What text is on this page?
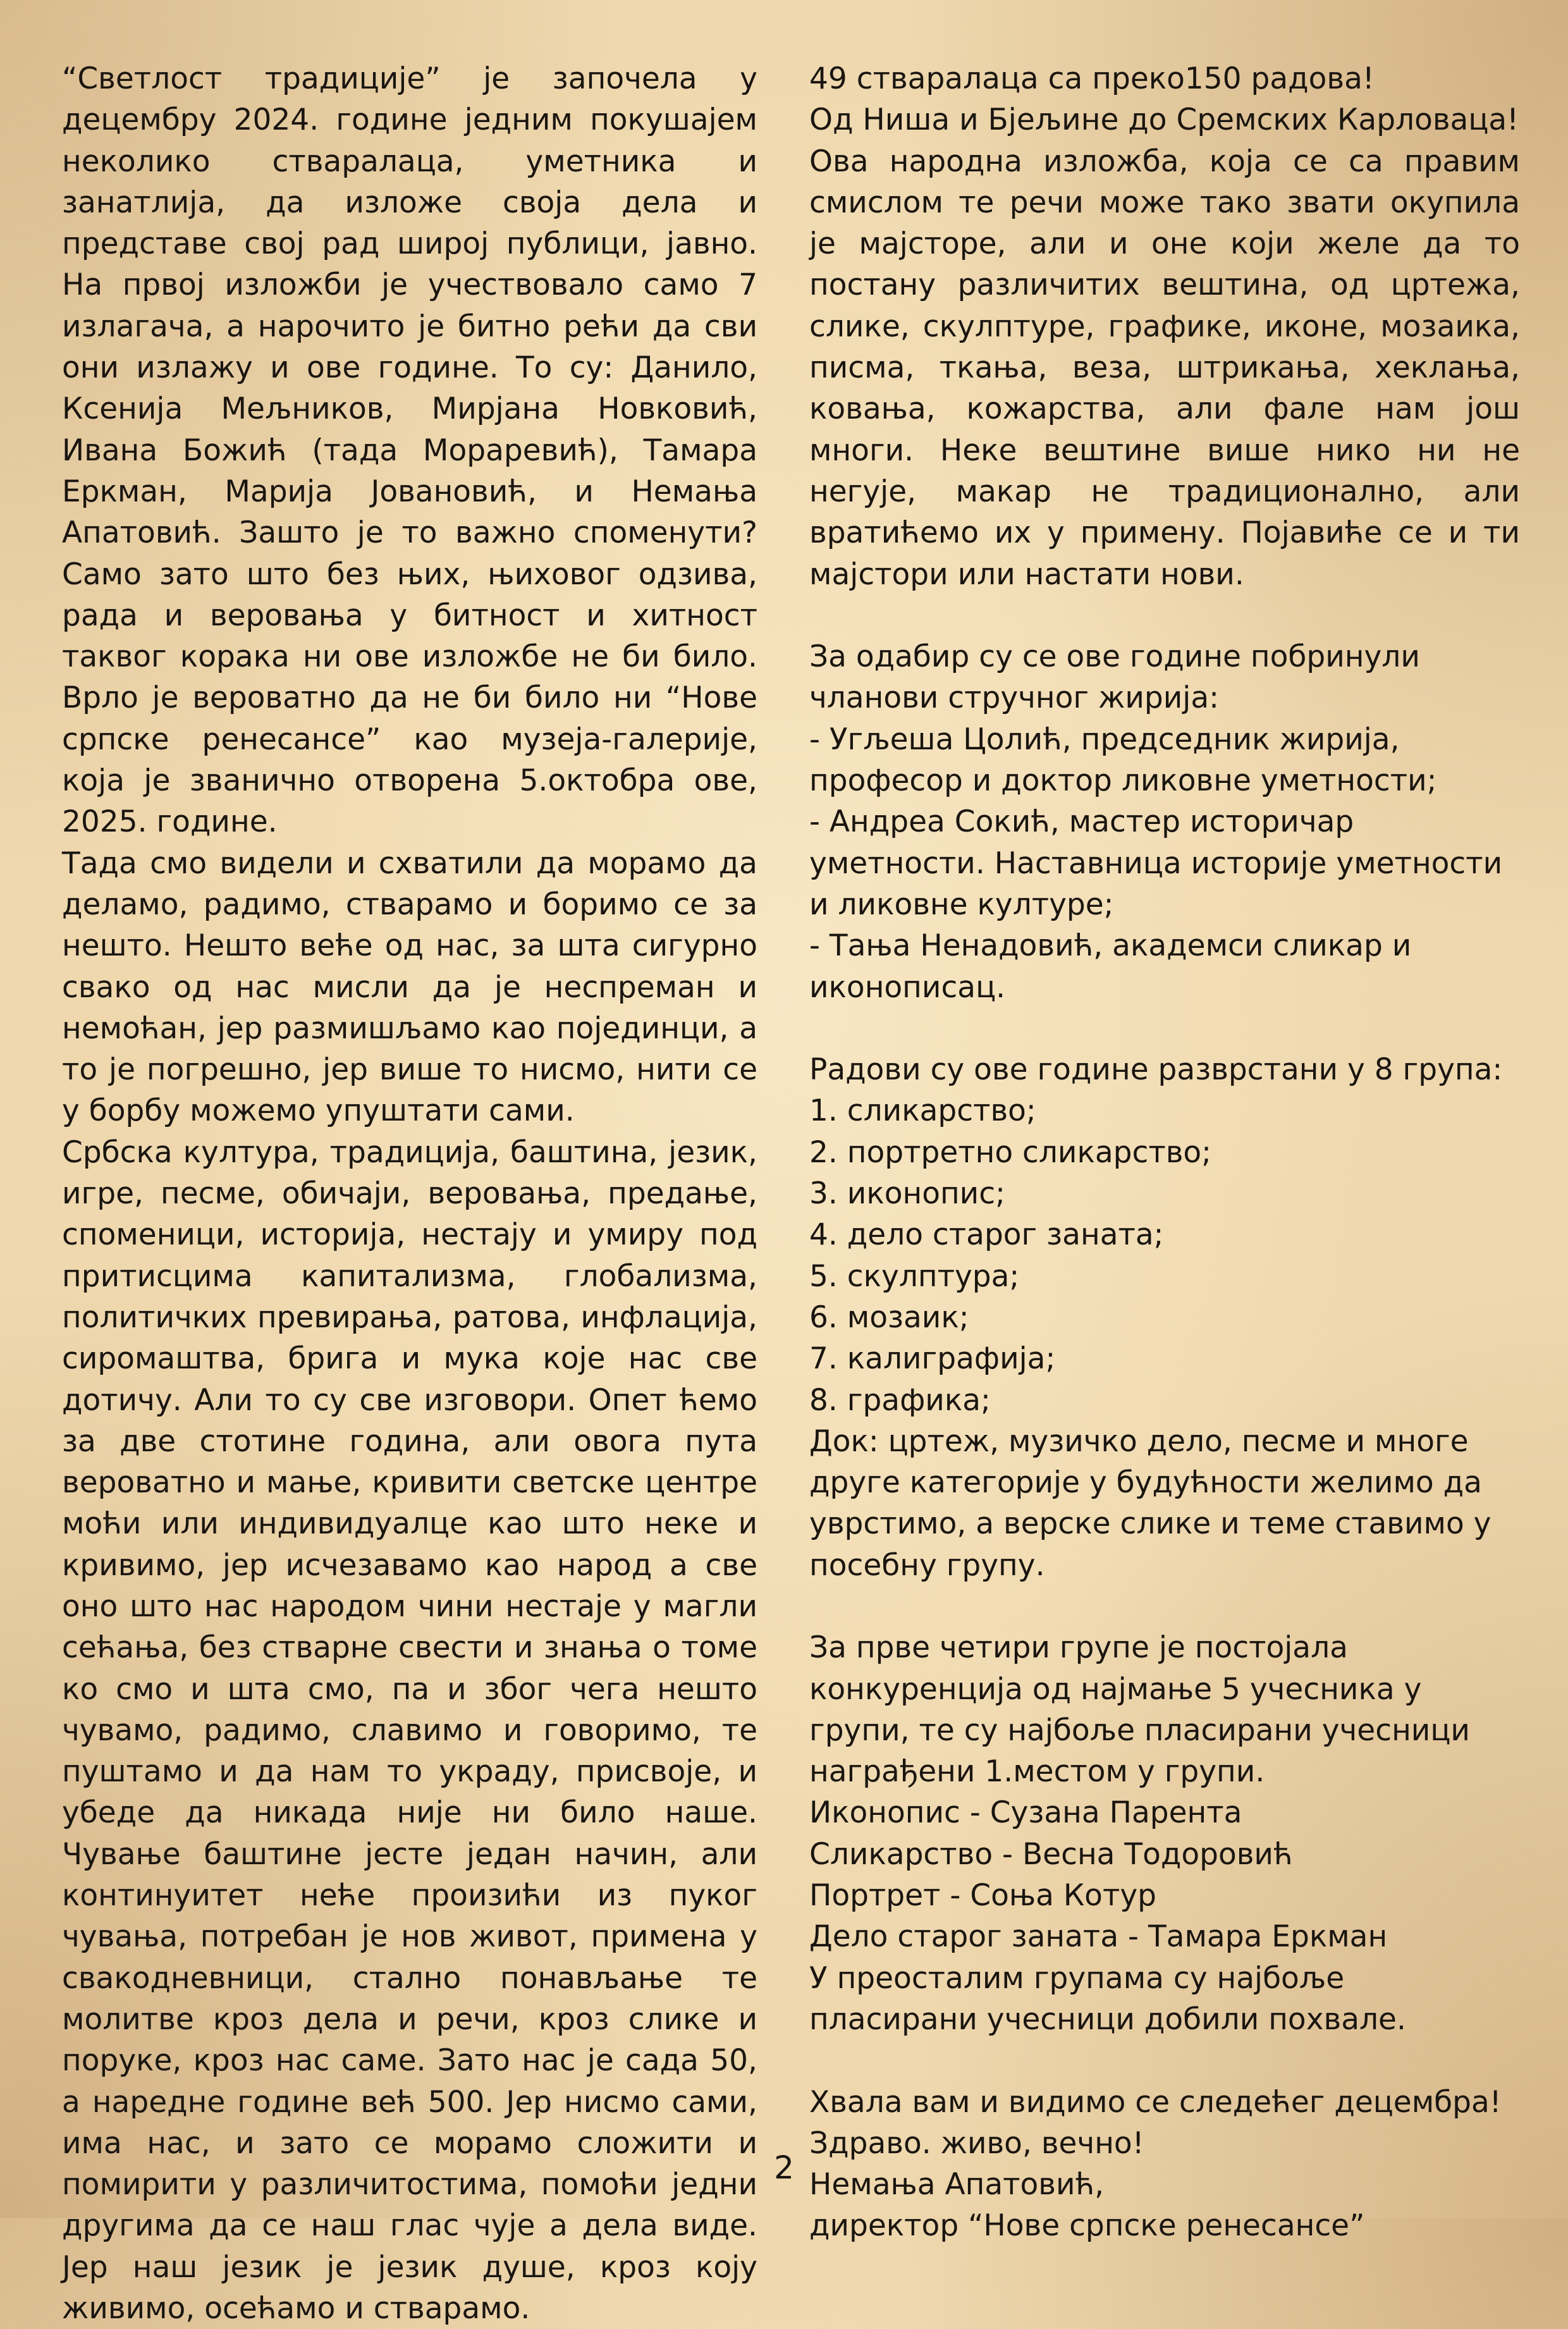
“Светлост традиције” је започела у децембру 2024. године једним покушајем неколико стваралаца, уметника и занатлија, да изложе своја дела и представе свој рад широј публици, јавно. На првој изложби је учествовало само 7 излагача, а нарочито је битно рећи да сви они излажу и ове године. То су: Данило, Ксенија Мељников, Мирјана Новковић, Ивана Божић (тада Мораревић), Тамара Еркман, Марија Јовановић, и Немања Апатовић. Зашто је то важно споменути? Само зато што без њих, њиховог одзива, рада и веровања у битност и хитност таквог корака ни ове изложбе не би било. Врло је вероватно да не би било ни “Нове српске ренесансе” као музеја-галерије, која је званично отворена 5.октобра ове, 2025. године.

Тада смо видели и схватили да морамо да деламо, радимо, стварамо и боримо се за нешто. Нешто веће од нас, за шта сигурно свако од нас мисли да је неспреман и немоћан, јер размишљамо као појединци, а то је погрешно, јер више то нисмо, нити се у борбу можемо упуштати сами.

Србска култура, традиција, баштина, језик, игре, песме, обичаји, веровања, предање, споменици, историја, нестају и умиру под притисцима капитализма, глобализма, политичких превирања, ратова, инфлација, сиромаштва, брига и мука које нас све дотичу. Али то су све изговори. Опет ћемо за две стотине година, али овога пута вероватно и мање, кривити светске центре моћи или индивидуалце као што неке и кривимо, јер исчезавамо као народ а све оно што нас народом чини нестаје у магли сећања, без стварне свести и знања о томе ко смо и шта смо, па и због чега нешто чувамо, радимо, славимо и говоримо, те пуштамо и да нам то украду, присвоје, и убеде да никада није ни било наше. Чување баштине јесте један начин, али континуитет неће произићи из пуког чувања, потребан је нов живот, примена у свакодневници, стално понављање те молитве кроз дела и речи, кроз слике и поруке, кроз нас саме. Зато нас је сада 50, а наредне године већ 500. Јер нисмо сами, има нас, и зато се морамо сложити и помирити у различитостима, помоћи једни другима да се наш глас чује а дела виде. Јер наш језик је језик душе, кроз коју живимо, осећамо и стварамо.

49 стваралаца са преко150 радова!
Од Ниша и Бјељине до Сремских Карловаца!

Ова народна изложба, која се са правим смислом те речи може тако звати окупила је мајсторе, али и оне који желе да то постану различитих вештина, од цртежа, слике, скулптуре, графике, иконе, мозаика, писма, ткања, веза, штрикања, хеклања, ковања, кожарства, али фале нам још многи. Неке вештине више нико ни не негује, макар не традиционално, али вратићемо их у примену. Појавиће се и ти мајстори или настати нови.

За одабир су се ове године побринули чланови стручног жирија:

- Угљеша Цолић, председник жирија, професор и доктор ликовне уметности;

- Андреа Сокић, мастер историчар уметности. Наставница историје уметности и ликовне културе;

- Тања Ненадовић, академси сликар и иконописац.

Радови су ове године разврстани у 8 група:

1. сликарство;
2. портретно сликарство;
3. иконопис;
4. дело старог заната;
5. скулптура;
6. мозаик;
7. калиграфија;
8. графика;

Док: цртеж, музичко дело, песме и многе друге категорије у будућности желимо да уврстимо, а верске слике и теме ставимо у посебну групу.

За прве четири групе је постојала конкуренција од најмање 5 учесника у групи, те су најбоље пласирани учесници награђени 1.местом у групи.

Иконопис - Сузана Парента
Сликарство - Весна Тодоровић
Портрет - Соња Котур
Дело старог заната - Тамара Еркман

У преосталим групама су најбоље пласирани учесници добили похвале.

Хвала вам и видимо се следећег децембра!
Здраво. живо, вечно!
Немања Апатовић,
директор “Нове српске ренесансе”
2
